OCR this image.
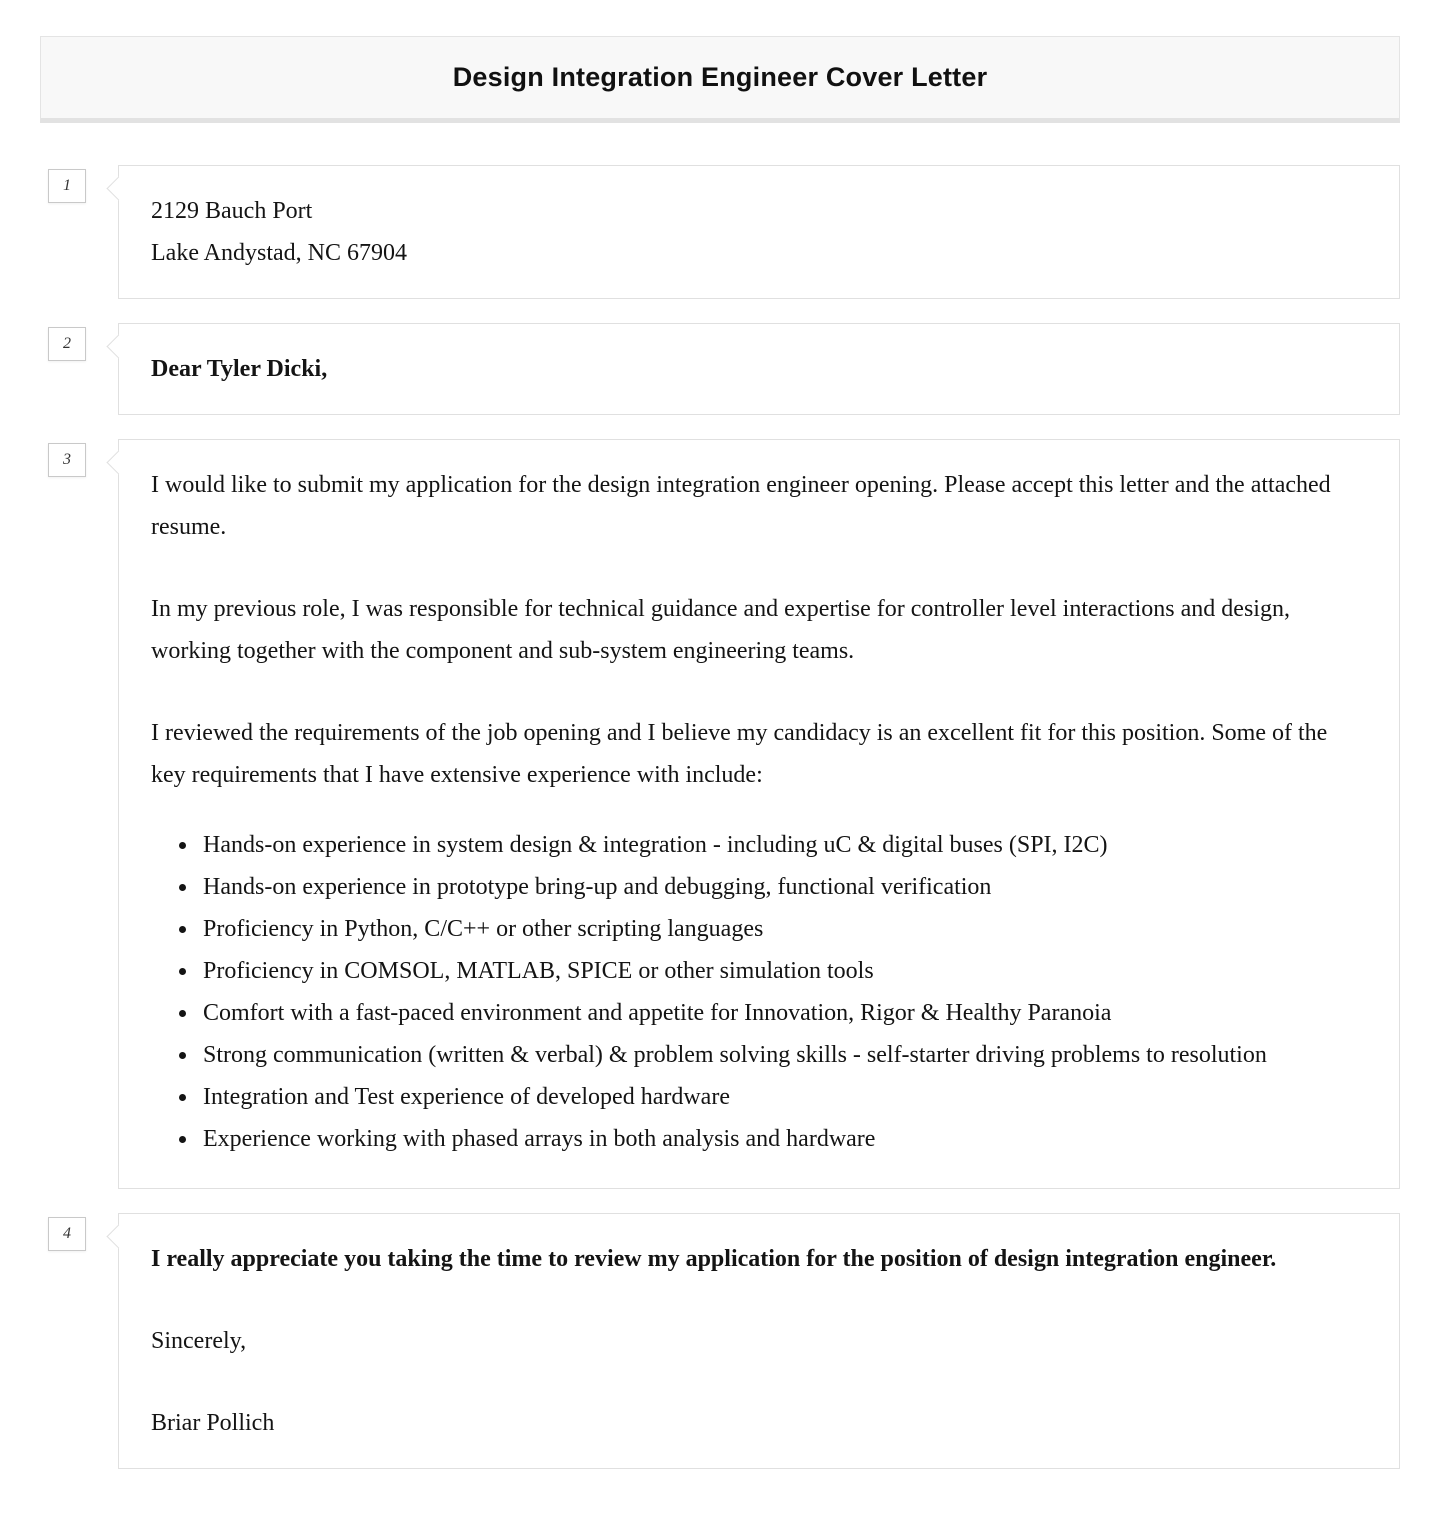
Design Integration Engineer Cover Letter
1

2129 Bauch Port

Lake Andystad, NC 67904

2

Dear Tyler Dicki,

3

I would like to submit my application for the design integration engineer opening. Please accept this letter and the attached resume.

In my previous role, I was responsible for technical guidance and expertise for controller level interactions and design, working together with the component and sub-system engineering teams.

I reviewed the requirements of the job opening and I believe my candidacy is an excellent fit for this position. Some of the key requirements that I have extensive experience with include:

• Hands-on experience in system design & integration - including uC & digital buses (SPI, I2C)
• Hands-on experience in prototype bring-up and debugging, functional verification
• Proficiency in Python, C/C++ or other scripting languages
• Proficiency in COMSOL, MATLAB, SPICE or other simulation tools
• Comfort with a fast-paced environment and appetite for Innovation, Rigor & Healthy Paranoia
• Strong communication (written & verbal) & problem solving skills - self-starter driving problems to resolution
• Integration and Test experience of developed hardware
• Experience working with phased arrays in both analysis and hardware
4

I really appreciate you taking the time to review my application for the position of design integration engineer.

Sincerely,

Briar Pollich
